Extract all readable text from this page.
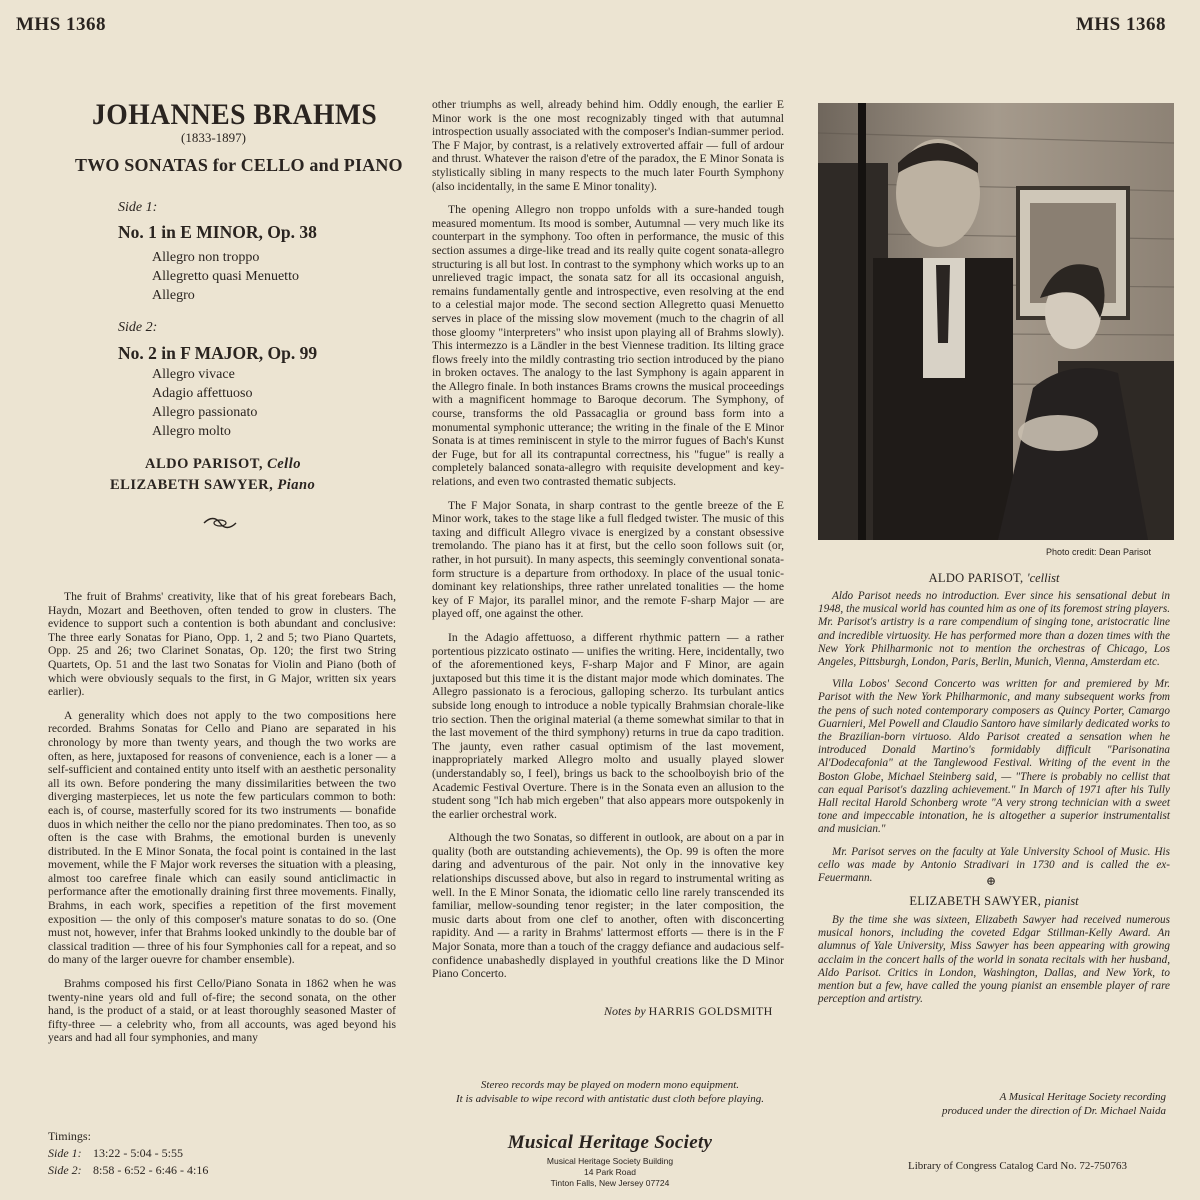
MHS 1368	MHS 1368
JOHANNES BRAHMS
(1833-1897)
TWO SONATAS for CELLO and PIANO
Side 1:
No. 1 in E MINOR, Op. 38
Allegro non troppo
Allegretto quasi Menuetto
Allegro
Side 2:
No. 2 in F MAJOR, Op. 99
Allegro vivace
Adagio affettuoso
Allegro passionato
Allegro molto
ALDO PARISOT, Cello
ELIZABETH SAWYER, Piano

The fruit of Brahms' creativity, like that of his great forebears Bach, Haydn, Mozart and Beethoven, often tended to grow in clusters. The evidence to support such a contention is both abundant and conclusive: The three early Sonatas for Piano, Opp. 1, 2 and 5; two Piano Quartets, Opp. 25 and 26; two Clarinet Sonatas, Op. 120; the first two String Quartets, Op. 51 and the last two Sonatas for Violin and Piano (both of which were obviously sequals to the first, in G Major, written six years earlier).

A generality which does not apply to the two compositions here recorded. Brahms Sonatas for Cello and Piano are separated in his chronology by more than twenty years, and though the two works are often, as here, juxtaposed for reasons of convenience, each is a loner — a self-sufficient and contained entity unto itself with an aesthetic personality all its own. Before pondering the many dissimilarities between the two diverging masterpieces, let us note the few particulars common to both: each is, of course, masterfully scored for its two instruments — bonafide duos in which neither the cello nor the piano predominates. Then too, as so often is the case with Brahms, the emotional burden is unevenly distributed. In the E Minor Sonata, the focal point is contained in the last movement, while the F Major work reverses the situation with a pleasing, almost too carefree finale which can easily sound anticlimactic in performance after the emotionally draining first three movements. Finally, Brahms, in each work, specifies a repetition of the first movement exposition — the only of this composer's mature sonatas to do so. (One must not, however, infer that Brahms looked unkindly to the double bar of classical tradition — three of his four Symphonies call for a repeat, and so do many of the larger ouevre for chamber ensemble).

Brahms composed his first Cello/Piano Sonata in 1862 when he was twenty-nine years old and full of-fire; the second sonata, on the other hand, is the product of a staid, or at least thoroughly seasoned Master of fifty-three — a celebrity who, from all accounts, was aged beyond his years and had all four symphonies, and many

other triumphs as well, already behind him. Oddly enough, the earlier E Minor work is the one most recognizably tinged with that autumnal introspection usually associated with the composer's Indian-summer period. The F Major, by contrast, is a relatively extroverted affair — full of ardour and thrust. Whatever the raison d'etre of the paradox, the E Minor Sonata is stylistically sibling in many respects to the much later Fourth Symphony (also incidentally, in the same E Minor tonality).

The opening Allegro non troppo unfolds with a sure-handed tough measured momentum. Its mood is somber, Autumnal — very much like its counterpart in the symphony. Too often in performance, the music of this section assumes a dirge-like tread and its really quite cogent sonata-allegro structuring is all but lost. In contrast to the symphony which works up to an unrelieved tragic impact, the sonata satz for all its occasional anguish, remains fundamentally gentle and introspective, even resolving at the end to a celestial major mode. The second section Allegretto quasi Menuetto serves in place of the missing slow movement (much to the chagrin of all those gloomy "interpreters" who insist upon playing all of Brahms slowly). This intermezzo is a Ländler in the best Viennese tradition. Its lilting grace flows freely into the mildly contrasting trio section introduced by the piano in broken octaves. The analogy to the last Symphony is again apparent in the Allegro finale. In both instances Brams crowns the musical proceedings with a magnificent hommage to Baroque decorum. The Symphony, of course, transforms the old Passacaglia or ground bass form into a monumental symphonic utterance; the writing in the finale of the E Minor Sonata is at times reminiscent in style to the mirror fugues of Bach's Kunst der Fuge, but for all its contrapuntal correctness, his "fugue" is really a completely balanced sonata-allegro with requisite development and key-relations, and even two contrasted thematic subjects.

The F Major Sonata, in sharp contrast to the gentle breeze of the E Minor work, takes to the stage like a full fledged twister. The music of this taxing and difficult Allegro vivace is energized by a constant obsessive tremolando. The piano has it at first, but the cello soon follows suit (or, rather, in hot pursuit). In many aspects, this seemingly conventional sonata-form structure is a departure from orthodoxy. In place of the usual tonic-dominant key relationships, three rather unrelated tonalities — the home key of F Major, its parallel minor, and the remote F-sharp Major — are played off, one against the other.

In the Adagio affettuoso, a different rhythmic pattern — a rather portentious pizzicato ostinato — unifies the writing. Here, incidentally, two of the aforementioned keys, F-sharp Major and F Minor, are again juxtaposed but this time it is the distant major mode which dominates. The Allegro passionato is a ferocious, galloping scherzo. Its turbulant antics subside long enough to introduce a noble typically Brahmsian chorale-like trio section. Then the original material (a theme somewhat similar to that in the last movement of the third symphony) returns in true da capo tradition. The jaunty, even rather casual optimism of the last movement, inappropriately marked Allegro molto and usually played slower (understandably so, I feel), brings us back to the schoolboyish brio of the Academic Festival Overture. There is in the Sonata even an allusion to the student song "Ich hab mich ergeben" that also appears more outspokenly in the earlier orchestral work.

Although the two Sonatas, so different in outlook, are about on a par in quality (both are outstanding achievements), the Op. 99 is often the more daring and adventurous of the pair. Not only in the innovative key relationships discussed above, but also in regard to instrumental writing as well. In the E Minor Sonata, the idiomatic cello line rarely transcended its familiar, mellow-sounding tenor register; in the later composition, the music darts about from one clef to another, often with disconcerting rapidity. And — a rarity in Brahms' lattermost efforts — there is in the F Major Sonata, more than a touch of the craggy defiance and audacious self-confidence unabashedly displayed in youthful creations like the D Minor Piano Concerto.

Notes by HARRIS GOLDSMITH
Photo credit: Dean Parisot
ALDO PARISOT, 'cellist

Aldo Parisot needs no introduction. Ever since his sensational debut in 1948, the musical world has counted him as one of its foremost string players. Mr. Parisot's artistry is a rare compendium of singing tone, aristocratic line and incredible virtuosity. He has performed more than a dozen times with the New York Philharmonic not to mention the orchestras of Chicago, Los Angeles, Pittsburgh, London, Paris, Berlin, Munich, Vienna, Amsterdam etc.

Villa Lobos' Second Concerto was written for and premiered by Mr. Parisot with the New York Philharmonic, and many subsequent works from the pens of such noted contemporary composers as Quincy Porter, Camargo Guarnieri, Mel Powell and Claudio Santoro have similarly dedicated works to the Brazilian-born virtuoso. Aldo Parisot created a sensation when he introduced Donald Martino's formidably difficult "Parisonatina Al'Dodecafonia" at the Tanglewood Festival. Writing of the event in the Boston Globe, Michael Steinberg said, — "There is probably no cellist that can equal Parisot's dazzling achievement." In March of 1971 after his Tully Hall recital Harold Schonberg wrote "A very strong technician with a sweet tone and impeccable intonation, he is altogether a superior instrumentalist and musician."

Mr. Parisot serves on the faculty at Yale University School of Music. His cello was made by Antonio Stradivari in 1730 and is called the ex-Feuermann.	⊕
ELIZABETH SAWYER, pianist

By the time she was sixteen, Elizabeth Sawyer had received numerous musical honors, including the coveted Edgar Stillman-Kelly Award. An alumnus of Yale University, Miss Sawyer has been appearing with growing acclaim in the concert halls of the world in sonata recitals with her husband, Aldo Parisot. Critics in London, Washington, Dallas, and New York, to mention but a few, have called the young pianist an ensemble player of rare perception and artistry.

Stereo records may be played on modern mono equipment.
It is advisable to wipe record with antistatic dust cloth before playing.	A Musical Heritage Society recording
produced under the direction of Dr. Michael Naida
Timings:
Side 1: 13:22 - 5:04 - 5:55
Side 2: 8:58 - 6:52 - 6:46 - 4:16
Musical Heritage Society
Musical Heritage Society Building
14 Park Road
Tinton Falls, New Jersey 07724
Library of Congress Catalog Card No. 72-750763
